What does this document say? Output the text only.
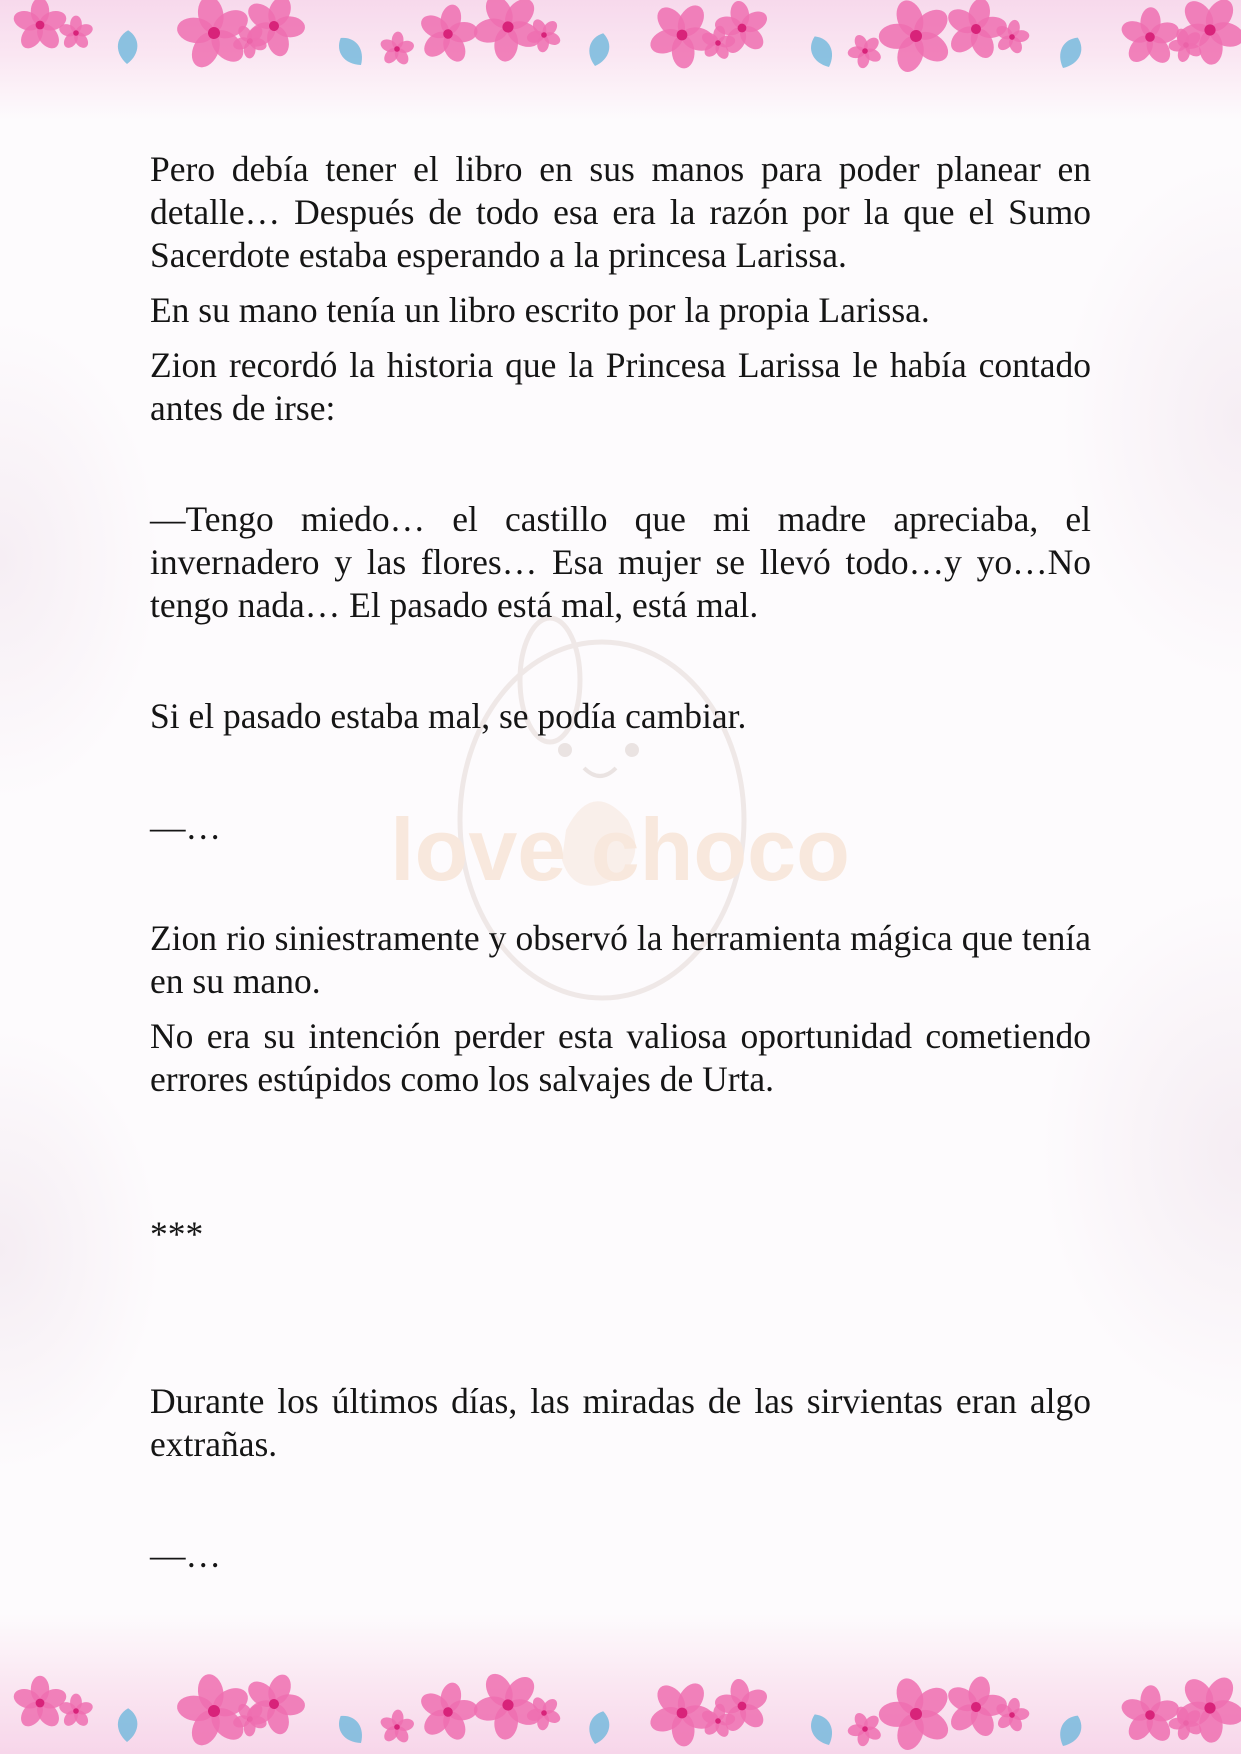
love choco

Pero debía tener el libro en sus manos para poder planear en detalle… Después de todo esa era la razón por la que el Sumo Sacerdote estaba esperando a la princesa Larissa.

En su mano tenía un libro escrito por la propia Larissa.

Zion recordó la historia que la Princesa Larissa le había contado antes de irse:

—Tengo miedo… el castillo que mi madre apreciaba, el invernadero y las flores… Esa mujer se llevó todo…y yo…No tengo nada… El pasado está mal, está mal.

Si el pasado estaba mal, se podía cambiar.

—…

Zion rio siniestramente y observó la herramienta mágica que tenía en su mano.

No era su intención perder esta valiosa oportunidad cometiendo errores estúpidos como los salvajes de Urta.

***

Durante los últimos días, las miradas de las sirvientas eran algo extrañas.

—…
